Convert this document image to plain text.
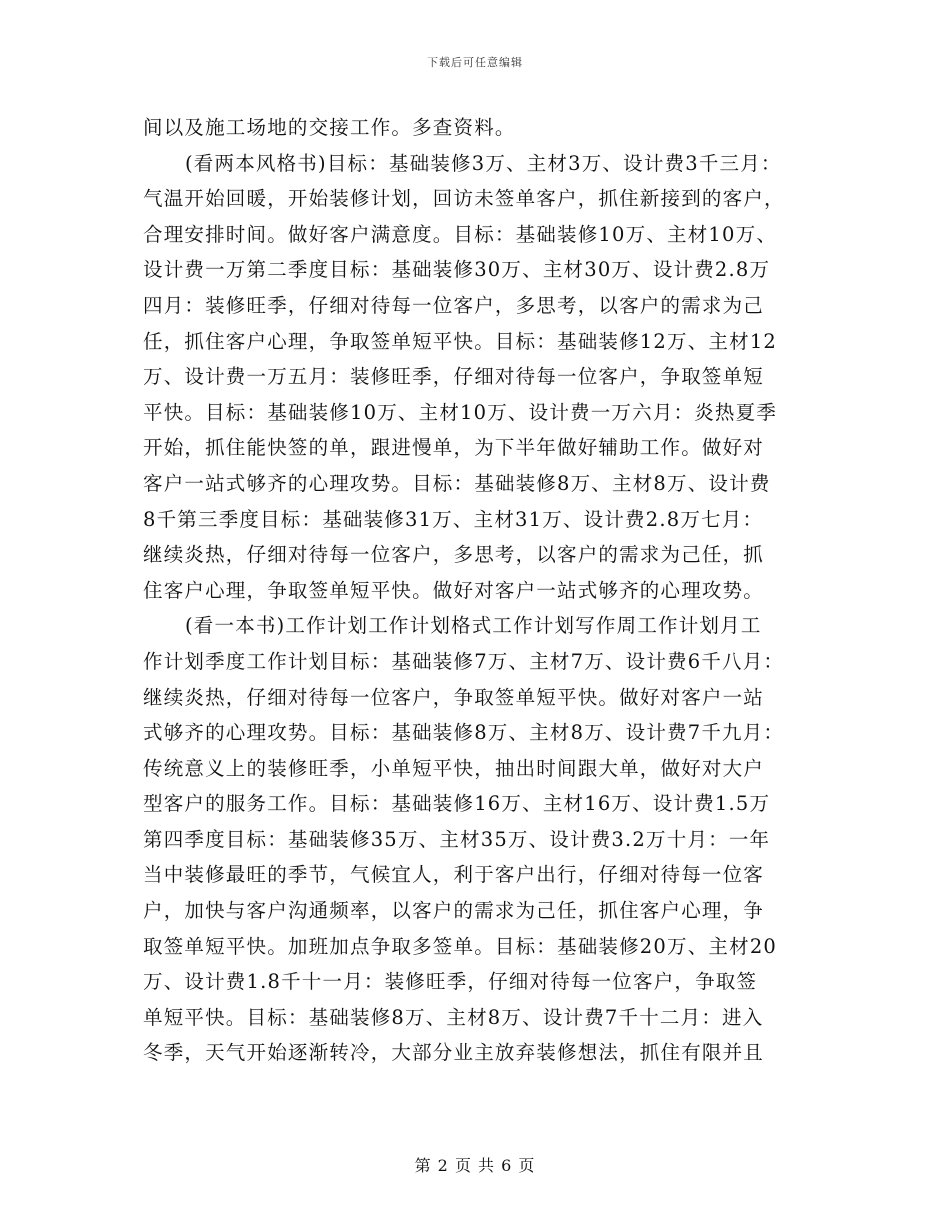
下载后可任意编辑
间以及施工场地的交接工作。多查资料。
(看两本风格书)目标：基础装修3万、主材3万、设计费3千三月：
气温开始回暖，开始装修计划，回访未签单客户，抓住新接到的客户，
合理安排时间。做好客户满意度。目标：基础装修10万、主材10万、
设计费一万第二季度目标：基础装修30万、主材30万、设计费2.8万
四月：装修旺季，仔细对待每一位客户，多思考，以客户的需求为己
任，抓住客户心理，争取签单短平快。目标：基础装修12万、主材12
万、设计费一万五月：装修旺季，仔细对待每一位客户，争取签单短
平快。目标：基础装修10万、主材10万、设计费一万六月：炎热夏季
开始，抓住能快签的单，跟进慢单，为下半年做好辅助工作。做好对
客户一站式够齐的心理攻势。目标：基础装修8万、主材8万、设计费
8千第三季度目标：基础装修31万、主材31万、设计费2.8万七月：
继续炎热，仔细对待每一位客户，多思考，以客户的需求为己任，抓
住客户心理，争取签单短平快。做好对客户一站式够齐的心理攻势。
(看一本书)工作计划工作计划格式工作计划写作周工作计划月工
作计划季度工作计划目标：基础装修7万、主材7万、设计费6千八月：
继续炎热，仔细对待每一位客户，争取签单短平快。做好对客户一站
式够齐的心理攻势。目标：基础装修8万、主材8万、设计费7千九月：
传统意义上的装修旺季，小单短平快，抽出时间跟大单，做好对大户
型客户的服务工作。目标：基础装修16万、主材16万、设计费1.5万
第四季度目标：基础装修35万、主材35万、设计费3.2万十月：一年
当中装修最旺的季节，气候宜人，利于客户出行，仔细对待每一位客
户，加快与客户沟通频率，以客户的需求为己任，抓住客户心理，争
取签单短平快。加班加点争取多签单。目标：基础装修20万、主材20
万、设计费1.8千十一月：装修旺季，仔细对待每一位客户，争取签
单短平快。目标：基础装修8万、主材8万、设计费7千十二月：进入
冬季，天气开始逐渐转冷，大部分业主放弃装修想法，抓住有限并且
第 2 页 共 6 页
